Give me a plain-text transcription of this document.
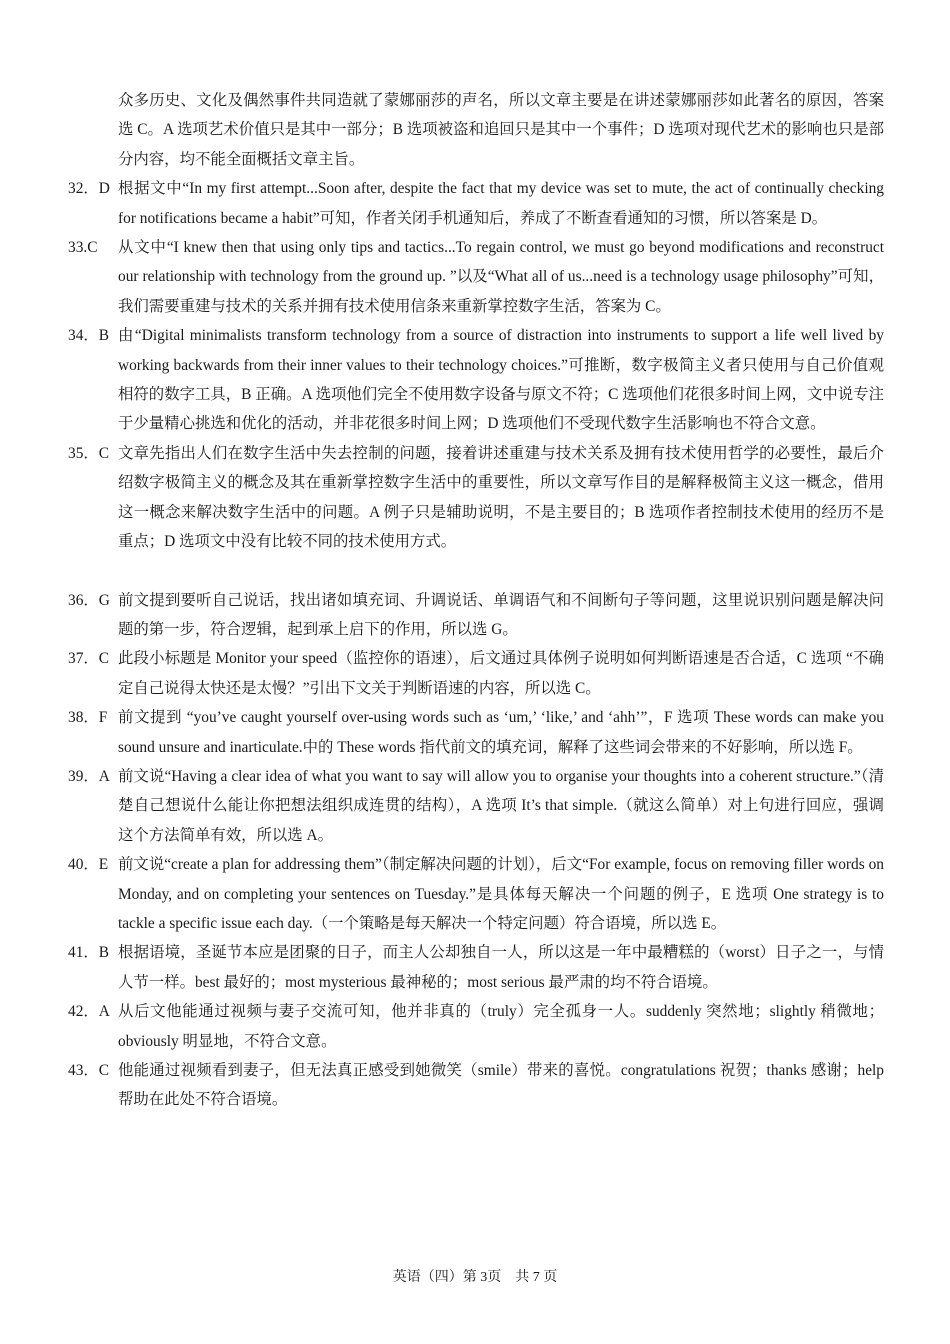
众多历史、文化及偶然事件共同造就了蒙娜丽莎的声名，所以文章主要是在讲述蒙娜丽莎如此著名的原因，答案选 C。A 选项艺术价值只是其中一部分；B 选项被盗和追回只是其中一个事件；D 选项对现代艺术的影响也只是部分内容，均不能全面概括文章主旨。

32．D 根据文中“In my first attempt...Soon after, despite the fact that my device was set to mute, the act of continually checking for notifications became a habit”可知，作者关闭手机通知后，养成了不断查看通知的习惯，所以答案是 D。

33.C 从文中“I knew then that using only tips and tactics...To regain control, we must go beyond modifications and reconstruct our relationship with technology from the ground up. ”以及“What all of us...need is a technology usage philosophy”可知，我们需要重建与技术的关系并拥有技术使用信条来重新掌控数字生活，答案为 C。

34．B 由“Digital minimalists transform technology from a source of distraction into instruments to support a life well lived by working backwards from their inner values to their technology choices.”可推断，数字极简主义者只使用与自己价值观相符的数字工具，B 正确。A 选项他们完全不使用数字设备与原文不符；C 选项他们花很多时间上网，文中说专注于少量精心挑选和优化的活动，并非花很多时间上网；D 选项他们不受现代数字生活影响也不符合文意。

35．C 文章先指出人们在数字生活中失去控制的问题，接着讲述重建与技术关系及拥有技术使用哲学的必要性，最后介绍数字极简主义的概念及其在重新掌控数字生活中的重要性，所以文章写作目的是解释极简主义这一概念，借用这一概念来解决数字生活中的问题。A 例子只是辅助说明，不是主要目的；B 选项作者控制技术使用的经历不是重点；D 选项文中没有比较不同的技术使用方式。

36．G 前文提到要听自己说话，找出诸如填充词、升调说话、单调语气和不间断句子等问题，这里说识别问题是解决问题的第一步，符合逻辑，起到承上启下的作用，所以选 G。

37．C 此段小标题是 Monitor your speed（监控你的语速），后文通过具体例子说明如何判断语速是否合适，C 选项 “不确定自己说得太快还是太慢？”引出下文关于判断语速的内容，所以选 C。

38．F 前文提到 “you’ve caught yourself over-using words such as ‘um,’ ‘like,’ and ‘ahh’”，F 选项 These words can make you sound unsure and inarticulate.中的 These words 指代前文的填充词，解释了这些词会带来的不好影响，所以选 F。

39．A 前文说“Having a clear idea of what you want to say will allow you to organise your thoughts into a coherent structure.”（清楚自己想说什么能让你把想法组织成连贯的结构），A 选项 It’s that simple.（就这么简单）对上句进行回应，强调这个方法简单有效，所以选 A。

40．E 前文说“create a plan for addressing them”（制定解决问题的计划），后文“For example, focus on removing filler words on Monday, and on completing your sentences on Tuesday.”是具体每天解决一个问题的例子，E 选项 One strategy is to tackle a specific issue each day.（一个策略是每天解决一个特定问题）符合语境，所以选 E。

41．B 根据语境，圣诞节本应是团聚的日子，而主人公却独自一人，所以这是一年中最糟糕的（worst）日子之一，与情人节一样。best 最好的；most mysterious 最神秘的；most serious 最严肃的均不符合语境。

42．A 从后文他能通过视频与妻子交流可知，他并非真的（truly）完全孤身一人。suddenly 突然地；slightly 稍微地；obviously 明显地，不符合文意。

43．C 他能通过视频看到妻子，但无法真正感受到她微笑（smile）带来的喜悦。congratulations 祝贺；thanks 感谢；help 帮助在此处不符合语境。

英语（四）第 3页　共 7 页
